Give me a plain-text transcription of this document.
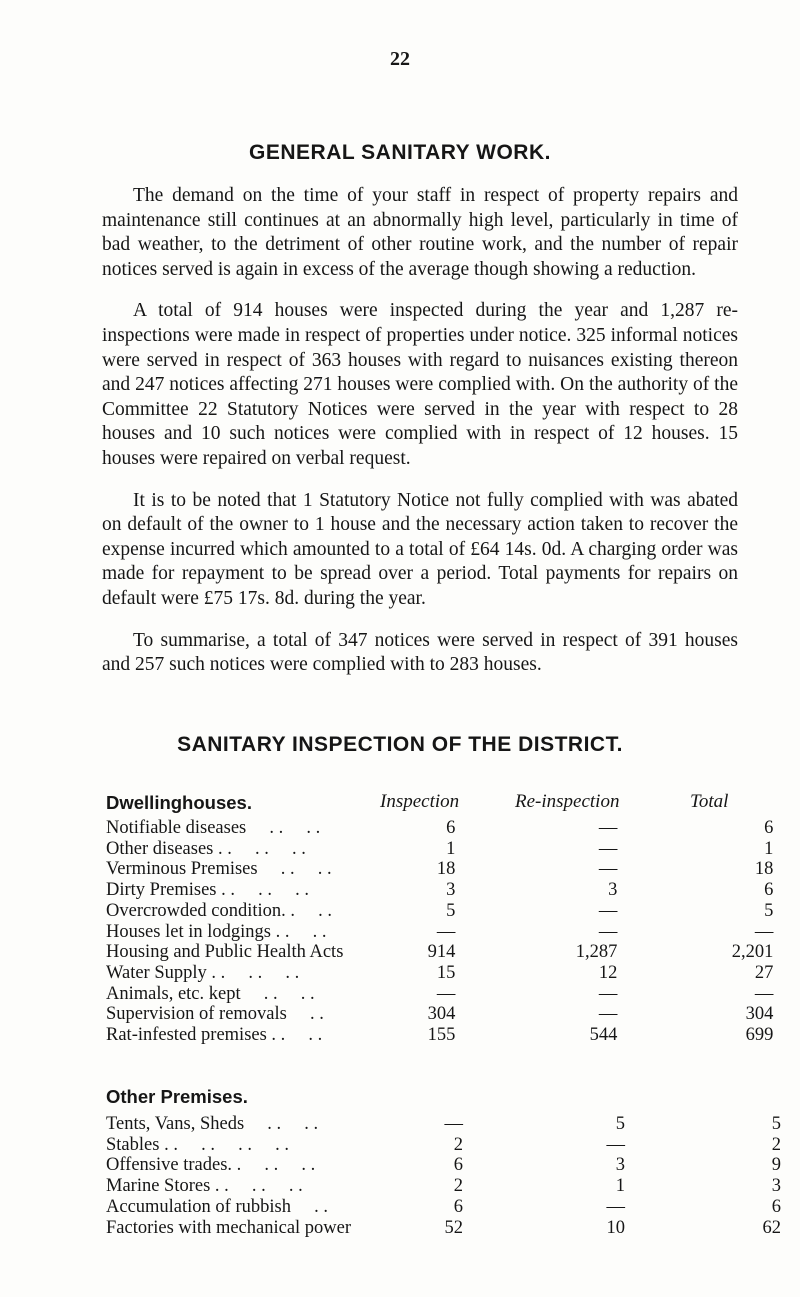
22
GENERAL SANITARY WORK.

The demand on the time of your staff in respect of property repairs and maintenance still continues at an abnormally high level, particularly in time of bad weather, to the detriment of other routine work, and the number of repair notices served is again in excess of the average though showing a reduction.

A total of 914 houses were inspected during the year and 1,287 re-inspections were made in respect of properties under notice. 325 informal notices were served in respect of 363 houses with regard to nuisances existing thereon and 247 notices affecting 271 houses were complied with. On the authority of the Committee 22 Statutory Notices were served in the year with respect to 28 houses and 10 such notices were complied with in respect of 12 houses. 15 houses were repaired on verbal request.

It is to be noted that 1 Statutory Notice not fully complied with was abated on default of the owner to 1 house and the necessary action taken to recover the expense incurred which amounted to a total of £64 14s. 0d. A charging order was made for repayment to be spread over a period. Total payments for repairs on default were £75 17s. 8d. during the year.

To summarise, a total of 347 notices were served in respect of 391 houses and 257 such notices were complied with to 283 houses.

SANITARY INSPECTION OF THE DISTRICT.
Dwellinghouses.	Inspection	Re-inspection	Total
Notifiable diseases  . .  . .	6	—	6
Other diseases . .  . .  . .	1	—	1
Verminous Premises  . .  . .	18	—	18
Dirty Premises . .  . .  . .	3	3	6
Overcrowded condition. .  . .	5	—	5
Houses let in lodgings . .  . .	—	—	—
Housing and Public Health Acts	914	1,287	2,201
Water Supply . .  . .  . .	15	12	27
Animals, etc. kept  . .  . .	—	—	—
Supervision of removals  . .	304	—	304
Rat-infested premises . .  . .	155	544	699
Other Premises.
Tents, Vans, Sheds  . .  . .	—	5	5
Stables . .  . .  . .  . .	2	—	2
Offensive trades. .  . .  . .	6	3	9
Marine Stores . .  . .  . .	2	1	3
Accumulation of rubbish  . .	6	—	6
Factories with mechanical power	52	10	62
